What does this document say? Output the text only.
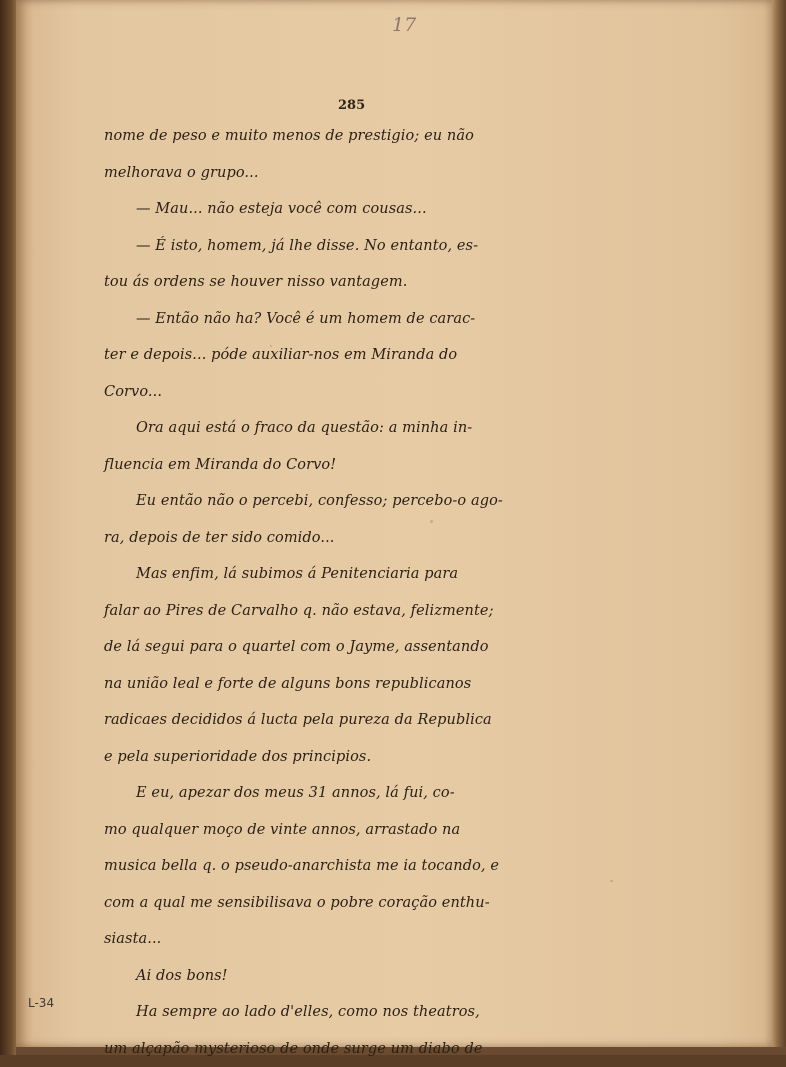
17
285
nome de peso e muito menos de prestigio; eu não
melhorava o grupo...
— Mau... não esteja você com cousas...
— É isto, homem, já lhe disse. No entanto, es-
tou ás ordens se houver nisso vantagem.
— Então não ha? Você é um homem de carac-
ter e depois... póde auxiliar-nos em Miranda do
Corvo...
Ora aqui está o fraco da questão: a minha in-
fluencia em Miranda do Corvo!
Eu então não o percebi, confesso; percebo-o ago-
ra, depois de ter sido comido...
Mas enfim, lá subimos á Penitenciaria para
falar ao Pires de Carvalho q. não estava, felizmente;
de lá segui para o quartel com o Jayme, assentando
na união leal e forte de alguns bons republicanos
radicaes decididos á lucta pela pureza da Republica
e pela superioridade dos principios.
E eu, apezar dos meus 31 annos, lá fui, co-
mo qualquer moço de vinte annos, arrastado na
musica bella q. o pseudo-anarchista me ia tocando, e
com a qual me sensibilisava o pobre coração enthu-
siasta...
Ai dos bons!
Ha sempre ao lado d'elles, como nos theatros,
um alçapão mysterioso de onde surge um diabo de
L-34
